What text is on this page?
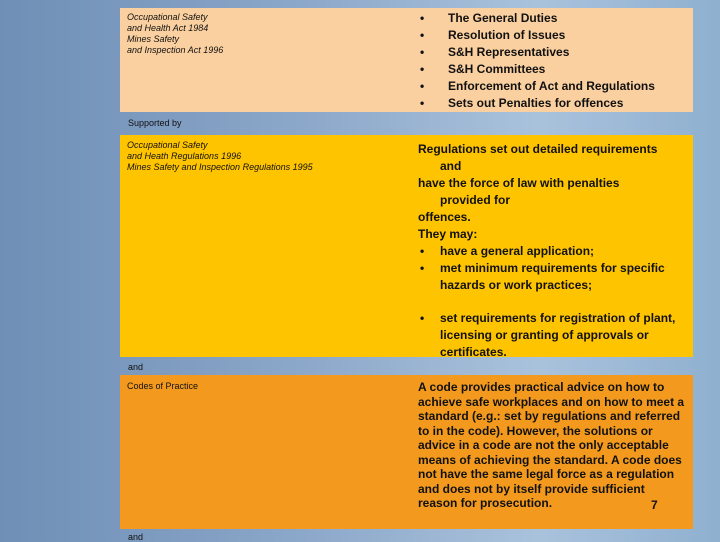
Occupational Safety
and Health Act 1984
Mines Safety
and Inspection Act 1996
• The General Duties
• Resolution of Issues
• S&H Representatives
• S&H Committees
• Enforcement of Act and Regulations
• Sets out Penalties for offences
Supported by
Occupational Safety
and Heath Regulations 1996
Mines Safety and Inspection Regulations 1995
Regulations set out detailed requirements
and
have the force of law with penalties
provided for
offences.
They may:
• have a general application;
• met minimum requirements for specific hazards or work practices;
• set requirements for registration of plant, licensing or granting of approvals or certificates.
and
Codes of Practice	A code provides practical advice on how to achieve safe workplaces and on how to meet a standard (e.g.: set by regulations and referred to in the code). However, the solutions or advice in a code are not the only acceptable means of achieving the standard. A code does not have the same legal force as a regulation and does not by itself provide sufficient reason for prosecution.	7
and
